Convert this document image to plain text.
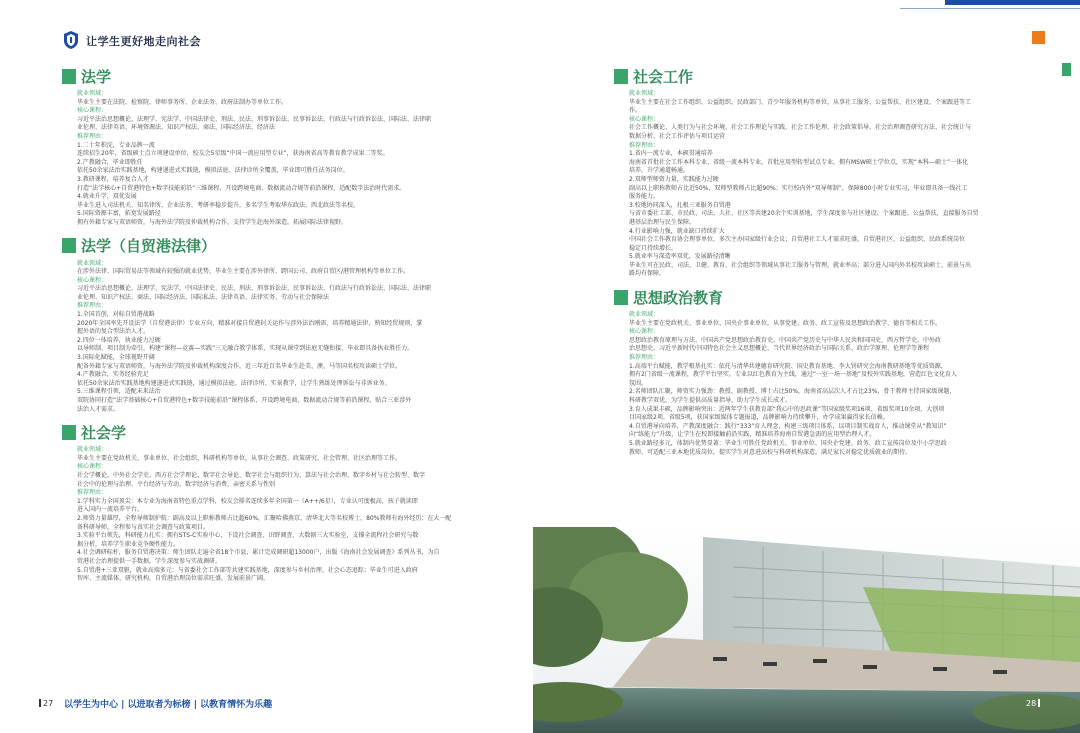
让学生更好地走向社会
法学
就业领域：
毕业生主要在法院、检察院、律师事务所、企业法务、政府法制办等单位工作。
核心课程：
习近平法治思想概论、法理学、宪法学、中国法律史、刑法、民法、刑事诉讼法、民事诉讼法、行政法与行政诉讼法、国际法、法律职
业伦理、法律英语、环境资源法、知识产权法、商法、国际经济法、经济法
推荐理由：
1.二十年积淀，专业品牌一流
连续招生20年，省级硕士点立项建设单位，校友会5星级“中国一流应用型专业”，获海南省高等教育教学成果二等奖。
2.产教融合，毕业即胜任
依托50余家法治实践基地，构建递进式实践链，模拟法庭、法律诊所全覆盖，毕业即可胜任法务岗位。
3.教研课程，培养复合人才
打造“法学核心+自贸港特色+数字技能前沿”三维课程，开设跨境电商、数据流动合规等前沿课程，适配数字法治时代需求。
4.就业升学，双优发展
毕业生进入司法机关、知名律所、企业法务，考研率稳步提升，多名学生考取华东政法、西北政法等名校。
5.国际资源丰富，拓宽发展路径
拥有外籍专家与双语师资，与海外法学院及仲裁机构合作，支持学生赴海外深造，拓展国际法律视野。
法学（自贸港法律）
就业领域：
在涉外法律、国际贸易法等领域有较强的就业优势，毕业生主要在涉外律所、跨国公司、政府自贸区/港管理机构等单位工作。
核心课程：
习近平法治思想概论、法理学、宪法学、中国法律史、民法、刑法、刑事诉讼法、民事诉讼法、行政法与行政诉讼法、国际法、法律职
业伦理、知识产权法、商法、国际经济法、国际私法、法律英语、法律实务、劳动与社会保障法
推荐理由：
1.全国首创，对标自贸港战略
2020年全国率先开设法学（自贸港法律）专业方向，精准对接自贸港封关运作与涉外法治刚需，培养精通法律、熟知经贸规则、掌
握外语的复合型法治人才。
2.四位一体培养，执业能力过硬
以导师制、项目制为牵引，构建“课程—竞赛—实践”三元融合教学体系，实现从课堂到法庭无缝衔接，毕业即具备执业胜任力。
3.国际化赋能，全球视野开阔
配备外籍专家与双语师资，与海外法学院及仲裁机构深度合作，近三年近百名毕业生赴美、澳、马等国名校攻读硕士学位。
4.产教融合，实务经验充足
依托50余家法治实践基地构建递进式实践链，通过模拟法庭、法律诊所、实景教学，让学生熟练处理诉讼与非诉业务。
5.三维课程引领，适配未来法治
双院协同打造“法学基础核心+自贸港特色+数字技能前沿”课程体系，开设跨境电商、数据流动合规等前沿课程，贴合三亚涉外
法治人才需求。
社会学
就业领域：
毕业生主要在党政机关、事业单位、社会组织、科研机构等单位，从事社会调查、政策研究、社会管理、社区治理等工作。
核心课程：
社会学概论、中外社会学史、西方社会学理论、数字社会导论、数字社会与组织行为、算法与社会治理、数字乡村与社会转型、数字
社会中的伦理与治理、平台经济与劳动、数字经济与消费、亲密关系与性别
推荐理由：
1.学科实力全国顶尖：本专业为海南省特色重点学科，校友会排名连续多年全国第一（A++/6星），专业认可度极高，孩子就读即
进入国内一流培养平台。
2.师资力量雄厚，全程导师制护航：副高及以上职称教师占比超60%，汇聚哈佛燕京、清华北大等名校博士，80%教师有海外经历；在大一配
备科研导师，全程参与真实社会调查与政策项目。
3.实验平台领先，科研能力扎实：拥有STS-C实验中心，下设社会调查、田野调查、大数据三大实验室，支撑全流程社会研究与数
据分析，培养学生职业竞争硬性能力。
4.社会调研标杆，服务自贸港决策：师生团队走遍全省18个市县，累计完成调研超13000户，出版《海南社会发展调查》系列丛书，为自
贸港社会治理提供一手数据，学生深度参与实战调研。
5.自贸港+三亚双驱，就业高端多元：与省委社会工作部等共建实践基地，深度参与乡村治理、社会心态追踪；毕业生可进入政府
智库、主流媒体、研究机构，自贸港治理岗位需求旺盛，发展前景广阔。
社会工作
就业领域：
毕业生主要在社会工作组织、公益组织、民政部门、青少年服务机构等单位，从事社工服务、公益帮扶、社区建设、个案跟进等工
作。
核心课程：
社会工作概论、人类行为与社会环境、社会工作理论与实践、社会工作伦理、社会政策倡导、社会治理调查研究方法、社会统计与
数据分析、社会工作评估与项目运营
推荐理由：
1.省内一流专业，本硕贯通培养
海南省首批社会工作本科专业、省级一流本科专业，首批应用型转型试点专业，拥有MSW硕士学位点，实现“本科—硕士”一体化
培养，升学通道畅通。
2.双师型师资力量，实践能力过硬
副高以上职称教师占比近50%，双师型教师占比超90%；实行校内外“双导师制”，保障800小时专业实习，毕业即具备一线社工
服务能力。
3.校地协同深入，扎根三亚服务自贸港
与省市委社工部、市民政、司法、人社、社区等共建20余个实训基地，学生深度参与社区建设、个案跟进、公益帮扶，直接服务自贸
港基层治理与民生保障。
4.行业影响力强，就业缺口持续扩大
中国社会工作教育协会理事单位，多次主办国家级行业会议；自贸港社工人才需求旺盛，自贸港社区、公益组织、民政系统岗位
稳定且持续增长。
5.就业率与深造率双优，发展路径清晰
毕业生可在民政、司法、卫健、教育、社会组织等领域从事社工服务与管理，就业率高；部分进入国内外名校攻读硕士，前景与出
路均有保障。
思想政治教育
就业领域：
毕业生主要在党政机关、事业单位、国央企事业单位，从事党建、政务、政工宣传及思想政治教学、德育等相关工作。
核心课程：
思想政治教育原理与方法、中国共产党思想政治教育史、中国共产党历史与中华人民共和国国史、西方哲学史、中外政
治思想史、习近平新时代中国特色社会主义思想概论、当代世界经济政治与国际关系、政治学原理、伦理学等课程
推荐理由：
1.高端平台赋能，教学根基扎实：依托与清华共建德育研究院、国史教育基地、李大钊研究会海南教研基地等优质资源，
拥有2门省级一流课程，教学平台坚实，专业以红色教育为主线，通过“一室一场一基地”及校外实践基地，营造红色文化育人
氛围。
2.名师团队汇聚，师资实力强劲：教授、副教授、博士占比50%，海南省高层次人才占比23%，骨干教师主持国家级课题，
科研教学双优，为学生提供高质量指导，助力学生成长成才。
3.育人成果丰硕，品牌影响突出：近两年学生获教育部“我心中的思政课”等国家级奖项16项、省级奖项10余项，大创项
目国家级2项、省级5项，获国家级媒体专题报道，品牌影响力持续攀升，办学成果赢得家长信赖。
4.自贸港导向培养，产教深度融合：践行“333”育人理念，构建三级项目体系，以项目制实战育人，推动课堂从“教知识”
向“练能力”升级，让学生在校即接触前沿实践，精准培养海南自贸港急需的应用型治理人才。
5.就业路径多元，体制内优势显著：毕业生可胜任党政机关、事业单位、国央企党建、政务、政工宣传岗位及中小学思政
教师，可适配三亚本地优质岗位，提实学生对意进高校与科研机构深造，满足家长对稳定优质就业的期待。
27 以学生为中心 | 以进取者为标榜 | 以教育情怀为乐趣	28
